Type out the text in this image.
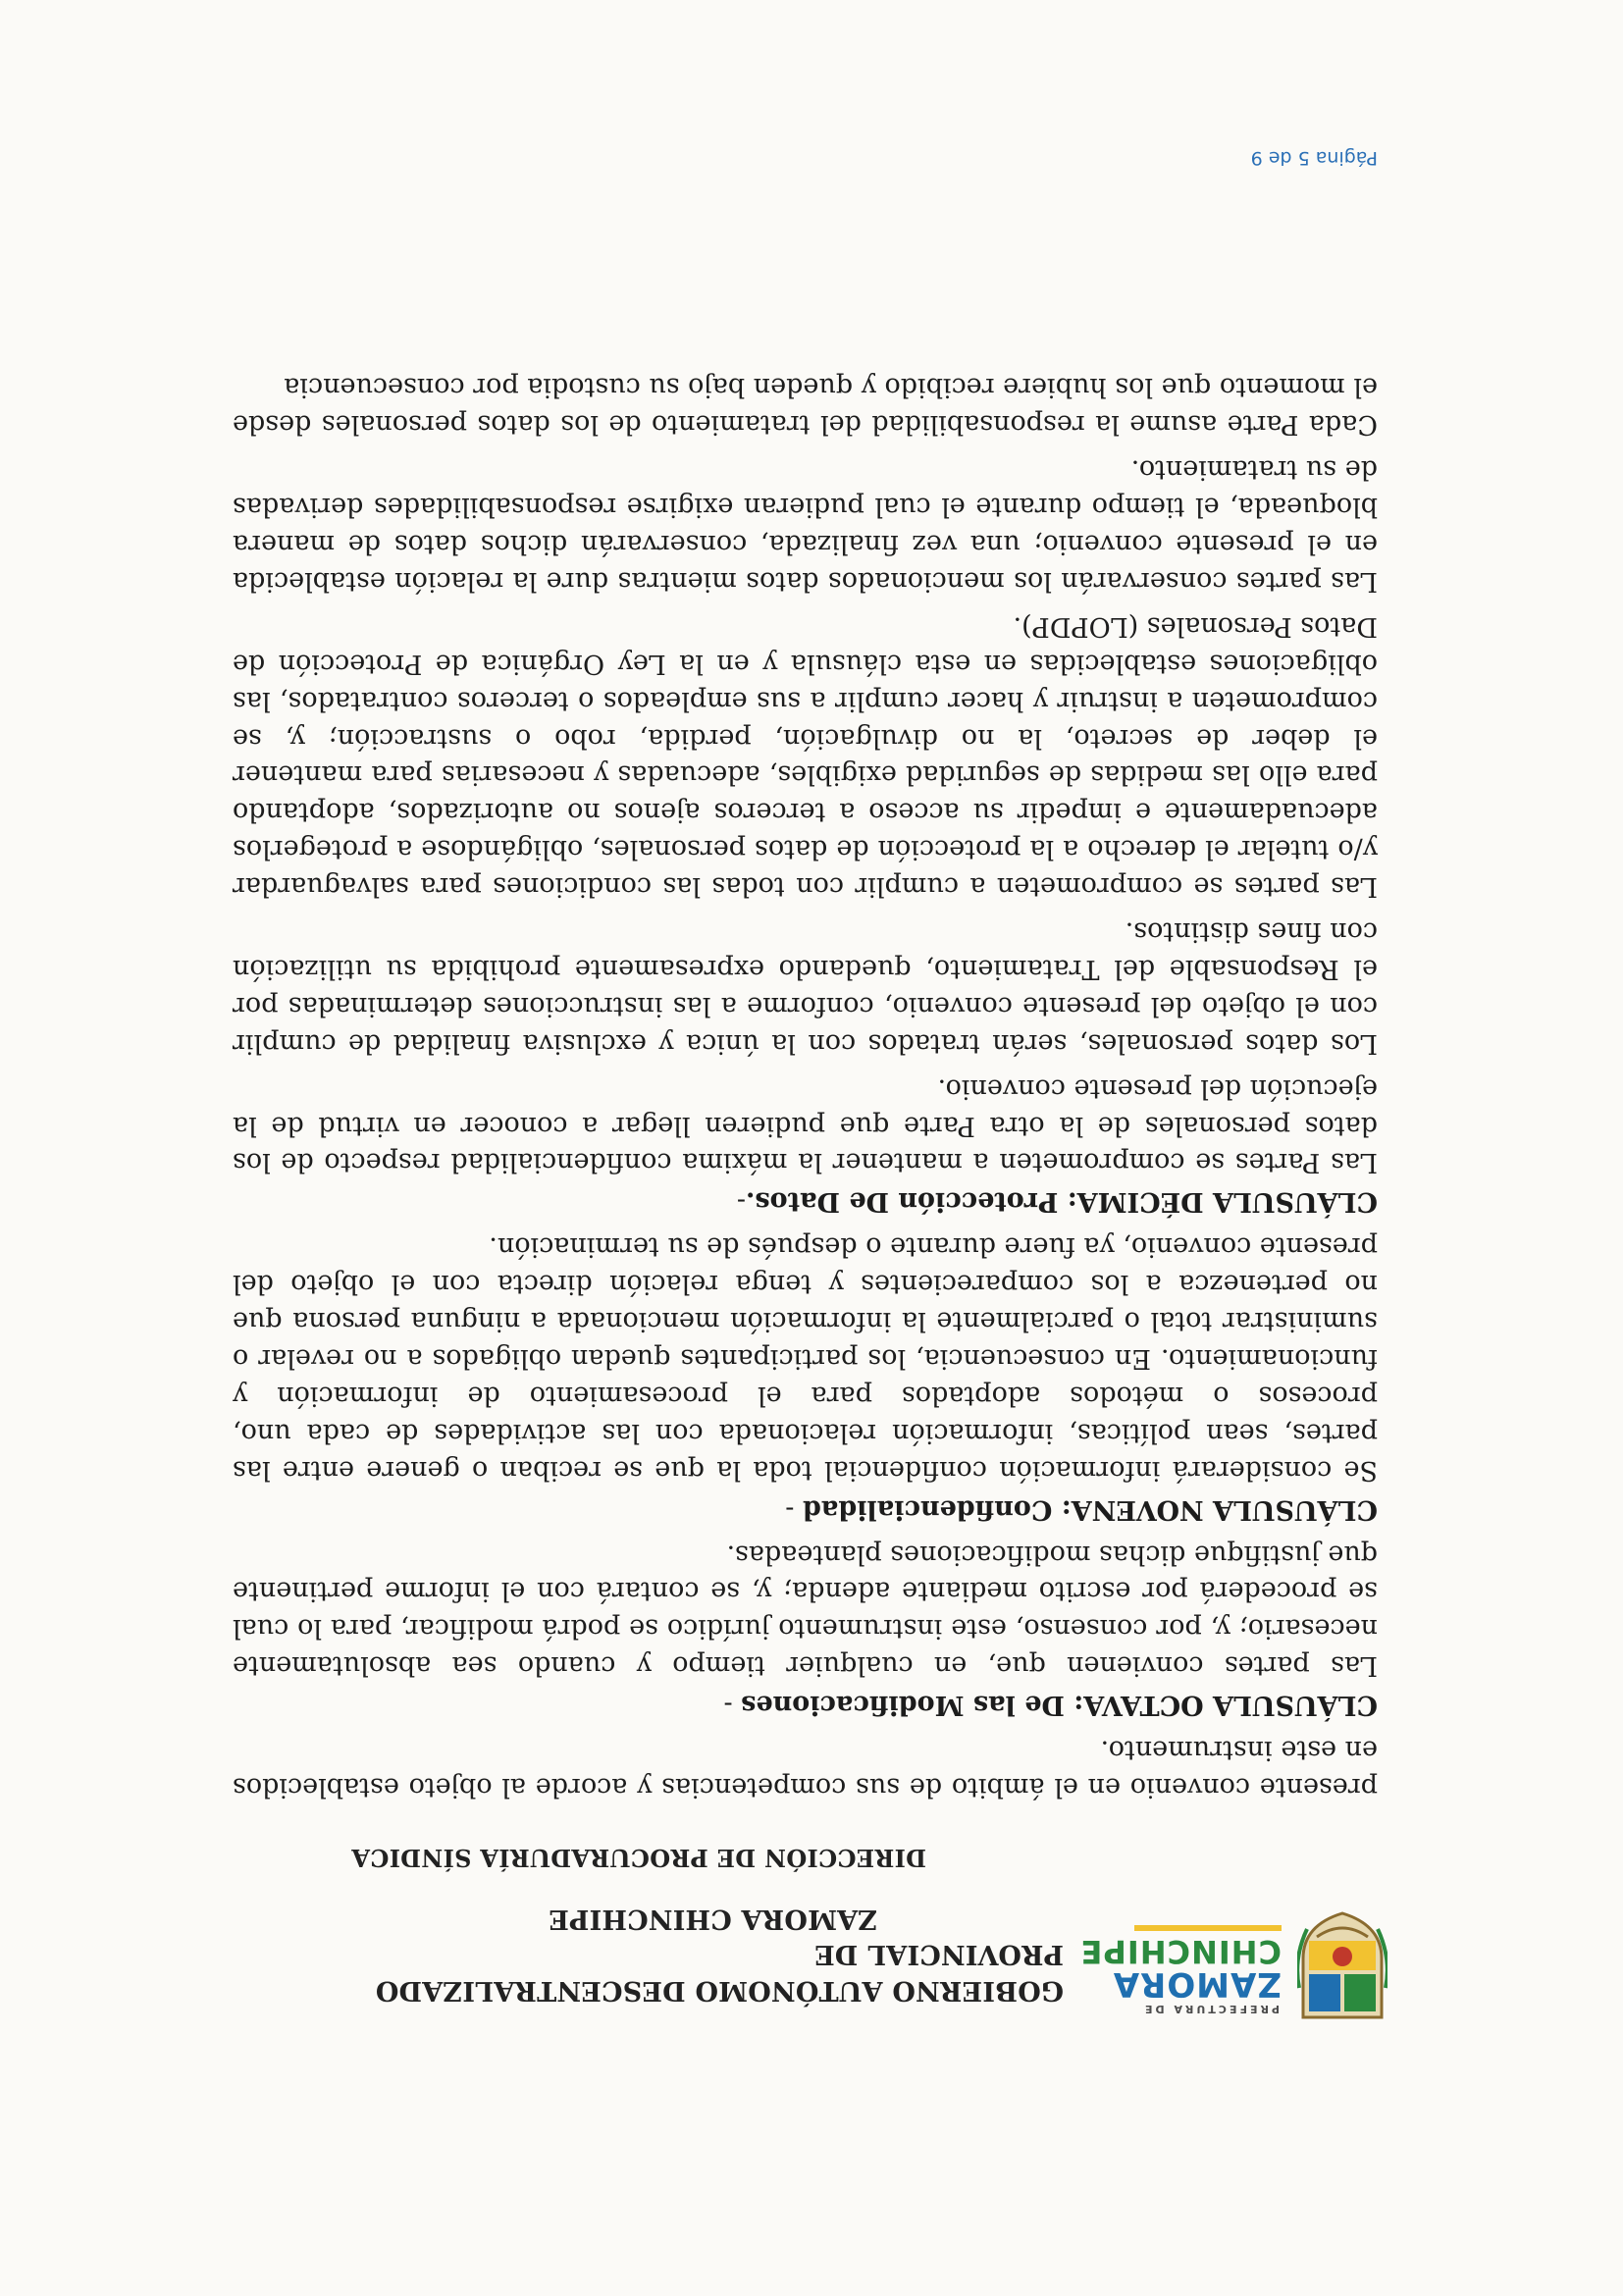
PREFECTURA DE
ZAMORA
CHINCHIPE
GOBIERNO AUTÓNOMO DESCENTRALIZADO PROVINCIAL DE
ZAMORA CHINCHIPE
DIRECCIÓN DE PROCURADURÍA SÍNDICA

presente convenio en el ámbito de sus competencias y acorde al objeto establecidos en este instrumento.

CLÁUSULA OCTAVA: De las Modificaciones -

Las partes convienen que, en cualquier tiempo y cuando sea absolutamente necesario; y, por consenso, este instrumento jurídico se podrá modificar, para lo cual se procederá por escrito mediante adenda; y, se contará con el informe pertinente que justifique dichas modificaciones planteadas.

CLÁUSULA NOVENA: Confidencialidad -

Se considerará información confidencial toda la que se reciban o genere entre las partes, sean políticas, información relacionada con las actividades de cada uno, procesos o métodos adoptados para el procesamiento de información y funcionamiento. En consecuencia, los participantes quedan obligados a no revelar o suministrar total o parcialmente la información mencionada a ninguna persona que no pertenezca a los comparecientes y tenga relación directa con el objeto del presente convenio, ya fuere durante o después de su terminación.

CLÁUSULA DÉCIMA: Protección De Datos.-

Las Partes se comprometen a mantener la máxima confidencialidad respecto de los datos personales de la otra Parte que pudieren llegar a conocer en virtud de la ejecución del presente convenio.

Los datos personales, serán tratados con la única y exclusiva finalidad de cumplir con el objeto del presente convenio, conforme a las instrucciones determinadas por el Responsable del Tratamiento, quedando expresamente prohibida su utilización con fines distintos.

Las partes se comprometen a cumplir con todas las condiciones para salvaguardar y/o tutelar el derecho a la protección de datos personales, obligándose a protegerlos adecuadamente e impedir su acceso a terceros ajenos no autorizados, adoptando para ello las medidas de seguridad exigibles, adecuadas y necesarias para mantener el deber de secreto, la no divulgación, perdida, robo o sustracción; y, se comprometen a instruir y hacer cumplir a sus empleados o terceros contratados, las obligaciones establecidas en esta cláusula y en la Ley Orgánica de Protección de Datos Personales (LOPDP).

Las partes conservarán los mencionados datos mientras dure la relación establecida en el presente convenio; una vez finalizada, conservarán dichos datos de manera bloqueada, el tiempo durante el cual pudieran exigirse responsabilidades derivadas de su tratamiento.

Cada Parte asume la responsabilidad del tratamiento de los datos personales desde el momento que los hubiere recibido y queden bajo su custodia por consecuencia

Página 5 de 9
